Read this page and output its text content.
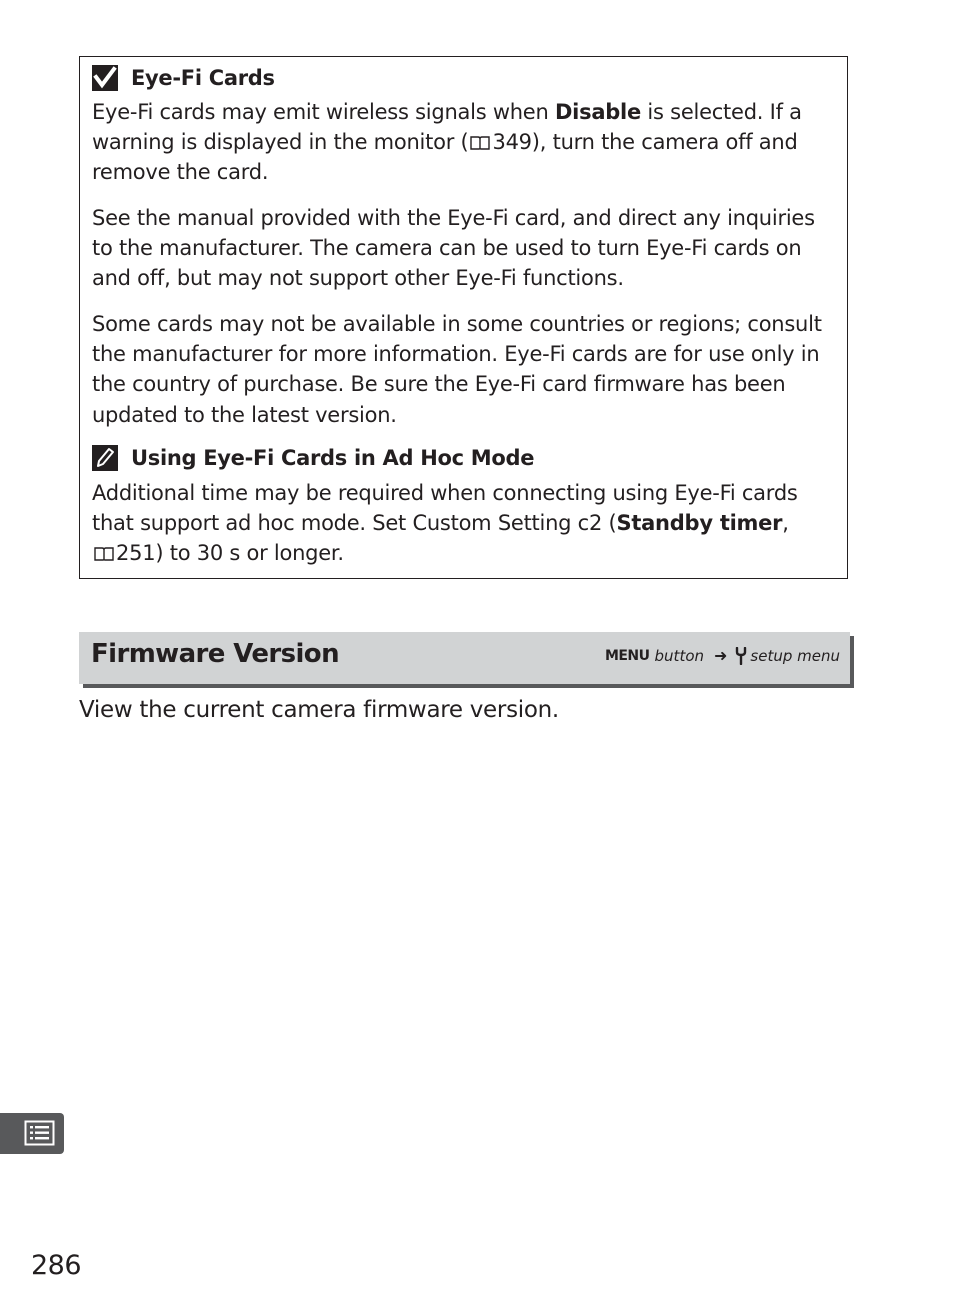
Eye-Fi Cards
Eye-Fi cards may emit wireless signals when Disable is selected. If a
warning is displayed in the monitor ( 349), turn the camera off and
remove the card.
See the manual provided with the Eye-Fi card, and direct any inquiries
to the manufacturer. The camera can be used to turn Eye-Fi cards on
and off, but may not support other Eye-Fi functions.
Some cards may not be available in some countries or regions; consult
the manufacturer for more information. Eye-Fi cards are for use only in
the country of purchase. Be sure the Eye-Fi card firmware has been
updated to the latest version.
Using Eye-Fi Cards in Ad Hoc Mode
Additional time may be required when connecting using Eye-Fi cards
that support ad hoc mode. Set Custom Setting c2 (Standby timer,
251) to 30 s or longer.
Firmware Version	MENU button ➜ setup menu
View the current camera firmware version.
286
